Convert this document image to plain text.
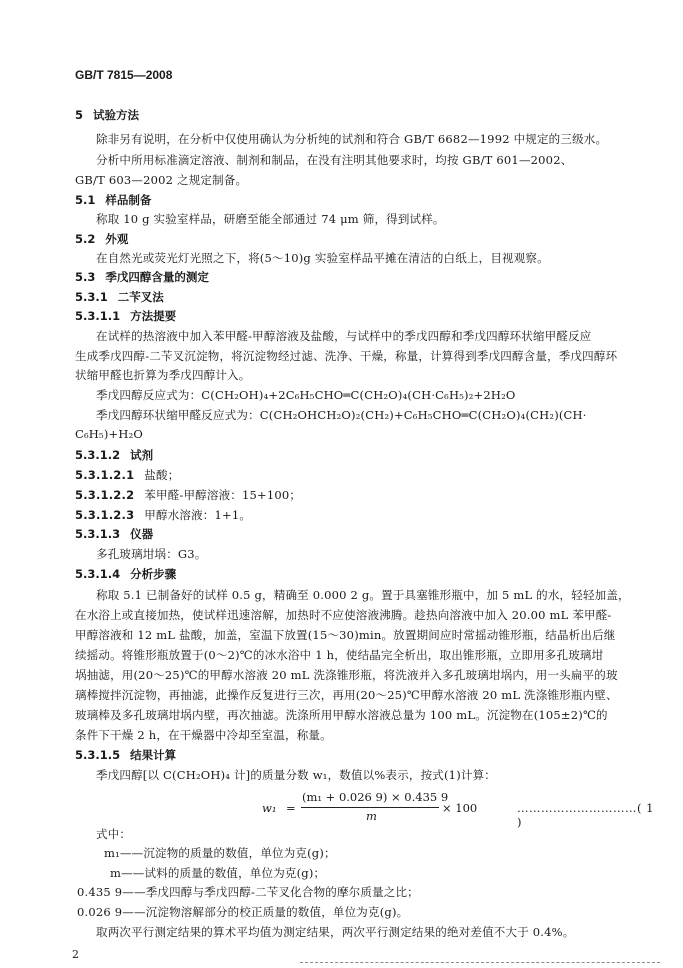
GB/T 7815—2008
5 试验方法
除非另有说明，在分析中仅使用确认为分析纯的试剂和符合 GB/T 6682—1992 中规定的三级水。
分析中所用标准滴定溶液、制剂和制品，在没有注明其他要求时，均按 GB/T 601—2002、
GB/T 603—2002 之规定制备。
5.1 样品制备
称取 10 g 实验室样品，研磨至能全部通过 74 μm 筛，得到试样。
5.2 外观
在自然光或荧光灯光照之下，将(5～10)g 实验室样品平摊在清洁的白纸上，目视观察。
5.3 季戊四醇含量的测定
5.3.1 二苄叉法
5.3.1.1 方法提要
在试样的热溶液中加入苯甲醛-甲醇溶液及盐酸，与试样中的季戊四醇和季戊四醇环状缩甲醛反应
生成季戊四醇-二苄叉沉淀物，将沉淀物经过滤、洗净、干燥，称量，计算得到季戊四醇含量，季戊四醇环
状缩甲醛也折算为季戊四醇计入。
季戊四醇反应式为：C(CH₂OH)₄+2C₆H₅CHO═C(CH₂O)₄(CH·C₆H₅)₂+2H₂O
季戊四醇环状缩甲醛反应式为：C(CH₂OHCH₂O)₂(CH₂)+C₆H₅CHO═C(CH₂O)₄(CH₂)(CH·
C₆H₅)+H₂O
5.3.1.2 试剂
5.3.1.2.1 盐酸；
5.3.1.2.2 苯甲醛-甲醇溶液：15+100；
5.3.1.2.3 甲醇水溶液：1+1。
5.3.1.3 仪器
多孔玻璃坩埚：G3。
5.3.1.4 分析步骤
称取 5.1 已制备好的试样 0.5 g，精确至 0.000 2 g。置于具塞锥形瓶中，加 5 mL 的水，轻轻加盖，
在水浴上或直接加热，使试样迅速溶解，加热时不应使溶液沸腾。趁热向溶液中加入 20.00 mL 苯甲醛-
甲醇溶液和 12 mL 盐酸，加盖，室温下放置(15～30)min。放置期间应时常摇动锥形瓶，结晶析出后继
续摇动。将锥形瓶放置于(0～2)℃的冰水浴中 1 h，使结晶完全析出，取出锥形瓶，立即用多孔玻璃坩
埚抽滤，用(20～25)℃的甲醇水溶液 20 mL 洗涤锥形瓶，将洗液并入多孔玻璃坩埚内，用一头扁平的玻
璃棒搅拌沉淀物，再抽滤，此操作反复进行三次，再用(20～25)℃甲醇水溶液 20 mL 洗涤锥形瓶内壁、
玻璃棒及多孔玻璃坩埚内壁，再次抽滤。洗涤所用甲醇水溶液总量为 100 mL。沉淀物在(105±2)℃的
条件下干燥 2 h，在干燥器中冷却至室温，称量。
5.3.1.5 结果计算
季戊四醇[以 C(CH₂OH)₄ 计]的质量分数 w₁，数值以%表示，按式(1)计算：
w₁ =
(m₁ + 0.026 9) × 0.435 9
m
× 100	…………………………( 1 )
式中：
m₁——沉淀物的质量的数值，单位为克(g)；
m——试料的质量的数值，单位为克(g)；
0.435 9——季戊四醇与季戊四醇-二苄叉化合物的摩尔质量之比；
0.026 9——沉淀物溶解部分的校正质量的数值，单位为克(g)。
取两次平行测定结果的算术平均值为测定结果，两次平行测定结果的绝对差值不大于 0.4%。
2
